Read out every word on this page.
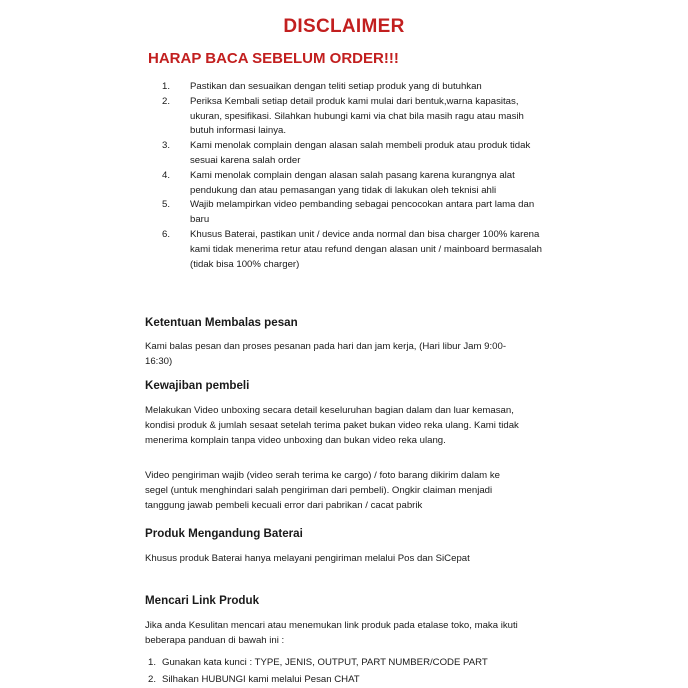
DISCLAIMER
HARAP BACA SEBELUM ORDER!!!
1.	Pastikan dan sesuaikan dengan teliti setiap produk yang di butuhkan
2.	Periksa Kembali setiap detail produk kami mulai dari bentuk,warna kapasitas, ukuran, spesifikasi. Silahkan hubungi kami via chat bila masih ragu atau masih butuh informasi lainya.
3.	Kami menolak complain dengan alasan salah membeli produk atau produk tidak sesuai karena salah order
4.	Kami menolak complain dengan alasan salah pasang karena kurangnya alat pendukung dan atau pemasangan yang tidak di lakukan oleh teknisi ahli
5.	Wajib melampirkan video pembanding sebagai pencocokan antara part lama dan baru
6.	Khusus Baterai, pastikan unit / device anda normal dan bisa charger 100% karena kami tidak menerima retur atau refund dengan alasan unit / mainboard bermasalah (tidak bisa 100% charger)
Ketentuan Membalas pesan
Kami balas pesan dan proses pesanan pada hari dan jam kerja, (Hari libur Jam 9:00-16:30)
Kewajiban pembeli
Melakukan Video unboxing secara detail keseluruhan bagian dalam dan luar kemasan, kondisi produk & jumlah sesaat setelah terima paket bukan video reka ulang. Kami tidak menerima komplain tanpa video unboxing dan bukan video reka ulang.
Video pengiriman wajib (video serah terima ke cargo) / foto barang dikirim dalam ke segel (untuk menghindari salah pengiriman dari pembeli). Ongkir claiman menjadi tanggung jawab pembeli kecuali error dari pabrikan / cacat pabrik
Produk Mengandung Baterai
Khusus produk Baterai hanya melayani pengiriman melalui Pos dan SiCepat
Mencari Link Produk
Jika anda Kesulitan mencari atau menemukan link produk pada etalase toko, maka ikuti beberapa panduan di bawah ini :
1. Gunakan kata kunci : TYPE, JENIS, OUTPUT, PART NUMBER/CODE PART
2. Silhakan HUBUNGI kami melalui Pesan CHAT
